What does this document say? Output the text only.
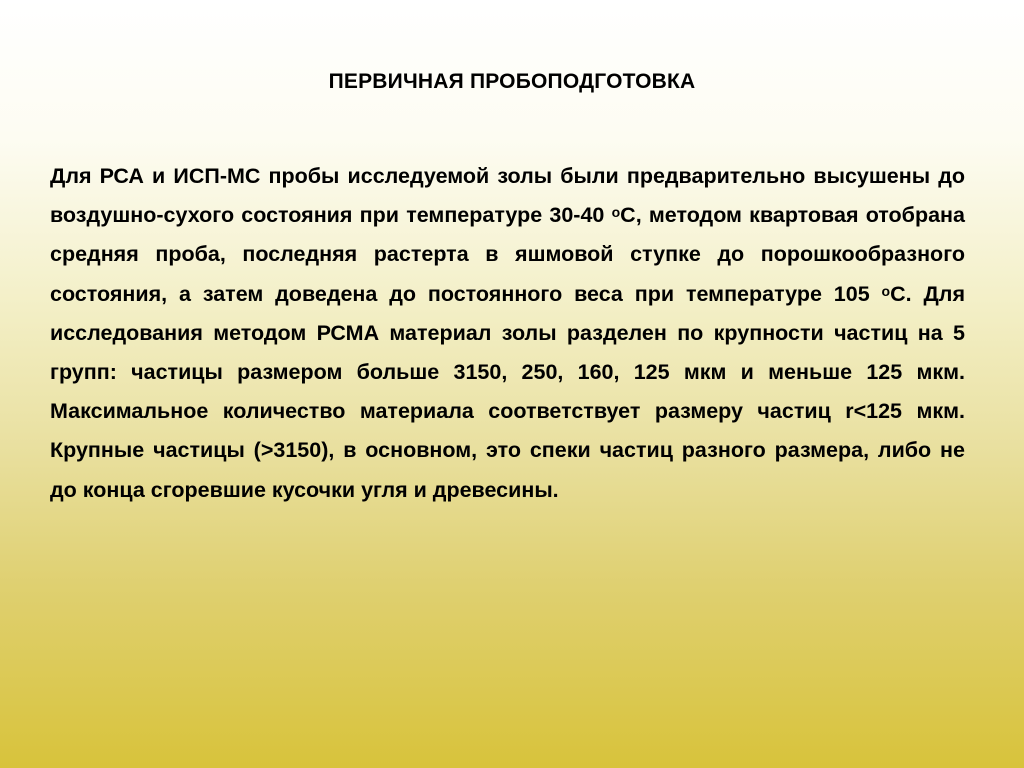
ПЕРВИЧНАЯ ПРОБОПОДГОТОВКА
Для РСА и ИСП-МС пробы исследуемой золы были предварительно высушены до воздушно-сухого состояния при температуре 30-40 $^о$С, методом квартовая отобрана средняя проба, последняя растерта в яшмовой ступке до порошкообразного состояния, а затем доведена до постоянного веса при температуре 105 $^о$С. Для исследования методом РСМА материал золы разделен по крупности частиц на 5 групп: частицы размером больше 3150, 250, 160, 125 мкм и меньше 125 мкм. Максимальное количество материала соответствует размеру частиц r<125 мкм. Крупные частицы (>3150), в основном, это спеки частиц разного размера, либо не до конца сгоревшие кусочки угля и древесины.
